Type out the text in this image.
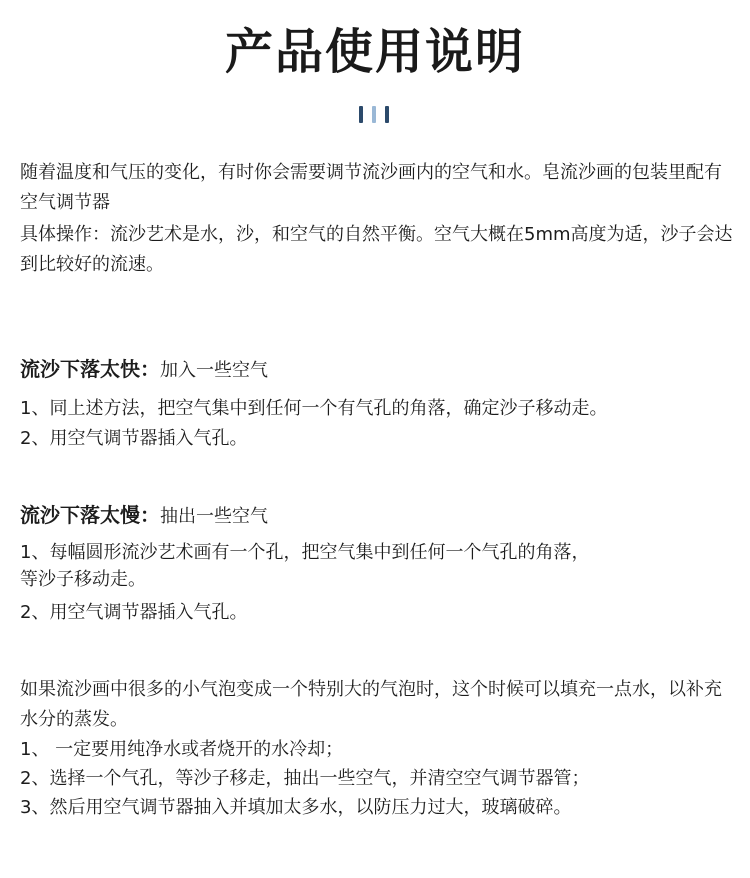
产品使用说明

随着温度和气压的变化，有时你会需要调节流沙画内的空气和水。皂流沙画的包装里配有空气调节器

具体操作：流沙艺术是水，沙，和空气的自然平衡。空气大概在5mm高度为适，沙子会达到比较好的流速。

流沙下落太快：加入一些空气

1、同上述方法，把空气集中到任何一个有气孔的角落，确定沙子移动走。

2、用空气调节器插入气孔。

流沙下落太慢：抽出一些空气

1、每幅圆形流沙艺术画有一个孔，把空气集中到任何一个气孔的角落，

等沙子移动走。

2、用空气调节器插入气孔。

如果流沙画中很多的小气泡变成一个特别大的气泡时，这个时候可以填充一点水，以补充水分的蒸发。

1、 一定要用纯净水或者烧开的水冷却；

2、选择一个气孔，等沙子移走，抽出一些空气，并清空空气调节器管；

3、然后用空气调节器抽入并填加太多水，以防压力过大，玻璃破碎。
